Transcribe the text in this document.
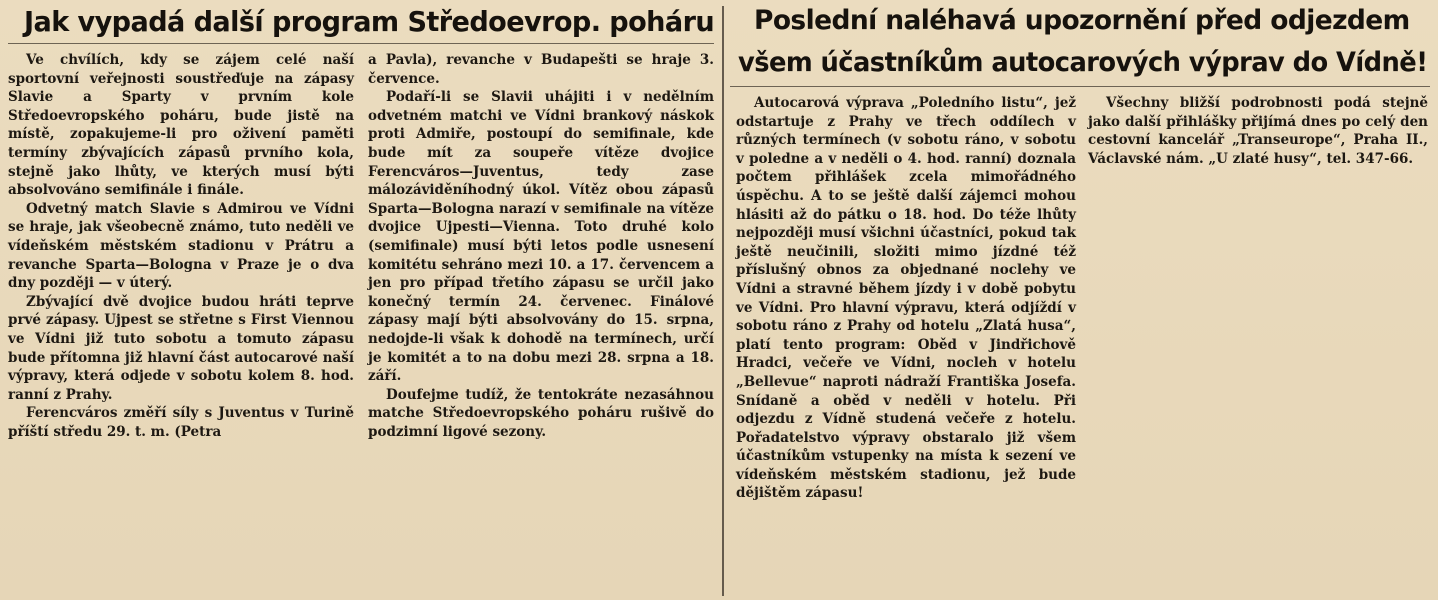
Jak vypadá další program Středoevrop. poháru

Ve chvílích, kdy se zájem celé naší sportovní veřejnosti soustřeďuje na zápasy Slavie a Sparty v prvním kole Středoevropského poháru, bude jistě na místě, zopakujeme-li pro oživení paměti termíny zbývajících zápasů prvního kola, stejně jako lhůty, ve kterých musí býti absolvováno semifinále i finále.

Odvetný match Slavie s Admirou ve Vídni se hraje, jak všeobecně známo, tuto neděli ve vídeňském městském stadionu v Prátru a revanche Sparta—Bologna v Praze je o dva dny později — v úterý.

Zbývající dvě dvojice budou hráti teprve prvé zápasy. Ujpest se střetne s First Viennou ve Vídni již tuto sobotu a tomuto zápasu bude přítomna již hlavní část autocarové naší výpravy, která odjede v sobotu kolem 8. hod. ranní z Prahy.

Ferencváros změří síly s Juventus v Turině příští středu 29. t. m. (Petra

a Pavla), revanche v Budapešti se hraje 3. července.

Podaří-li se Slavii uhájiti i v nedělním odvetném matchi ve Vídni brankový náskok proti Admiře, postoupí do semifinale, kde bude mít za soupeře vítěze dvojice Ferencváros—Juventus, tedy zase málozáviděníhodný úkol. Vítěz obou zápasů Sparta—Bologna narazí v semifinale na vítěze dvojice Ujpesti—Vienna. Toto druhé kolo (semifinale) musí býti letos podle usnesení komitétu sehráno mezi 10. a 17. červencem a jen pro případ třetího zápasu se určil jako konečný termín 24. červenec. Finálové zápasy mají býti absolvovány do 15. srpna, nedojde-li však k dohodě na termínech, určí je komitét a to na dobu mezi 28. srpna a 18. září.

Doufejme tudíž, že tentokráte nezasáhnou matche Středoevropského poháru rušivě do podzimní ligové sezony.

Poslední naléhavá upozornění před odjezdem
všem účastníkům autocarových výprav do Vídně!

Autocarová výprava „Poledního listu“, jež odstartuje z Prahy ve třech oddílech v různých termínech (v sobotu ráno, v sobotu v poledne a v neděli o 4. hod. ranní) doznala počtem přihlášek zcela mimořádného úspěchu. A to se ještě další zájemci mohou hlásiti až do pátku o 18. hod. Do téže lhůty nejpozději musí všichni účastníci, pokud tak ještě neučinili, složiti mimo jízdné též příslušný obnos za objednané noclehy ve Vídni a stravné během jízdy i v době pobytu ve Vídni. Pro hlavní výpravu, která odjíždí v sobotu ráno z Prahy od hotelu „Zlatá husa“, platí tento program: Oběd v Jindřichově Hradci, večeře ve Vídni, nocleh v hotelu „Bellevue“ naproti nádraží Františka Josefa. Snídaně a oběd v neděli v hotelu. Při odjezdu z Vídně studená večeře z hotelu. Pořadatelstvo výpravy obstaralo již všem účastníkům vstupenky na místa k sezení ve vídeňském městském stadionu, jež bude dějištěm zápasu!

Všechny bližší podrobnosti podá stejně jako další přihlášky přijímá dnes po celý den cestovní kancelář „Transeurope“, Praha II., Václavské nám. „U zlaté husy“, tel. 347-66.
